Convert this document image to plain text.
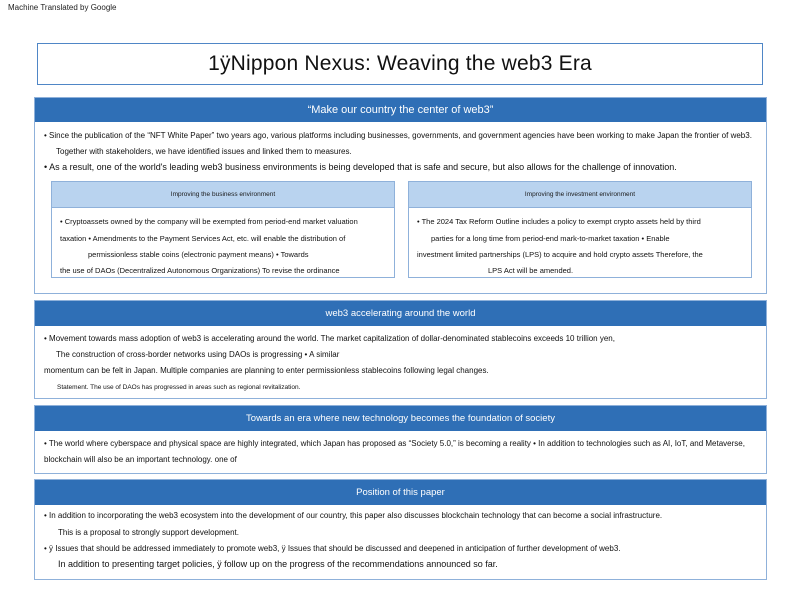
Machine Translated by Google
1ÿNippon Nexus: Weaving the web3 Era
“Make our country the center of web3”
• Since the publication of the “NFT White Paper” two years ago, various platforms including businesses, governments, and government agencies have been working to make Japan the frontier of web3.
Together with stakeholders, we have identified issues and linked them to measures.
• As a result, one of the world's leading web3 business environments is being developed that is safe and secure, but also allows for the challenge of innovation.
Improving the business environment
• Cryptoassets owned by the company will be exempted from period-end market valuation
taxation • Amendments to the Payment Services Act, etc. will enable the distribution of
permissionless stable coins (electronic payment means) • Towards
the use of DAOs (Decentralized Autonomous Organizations) To revise the ordinance
Improving the investment environment
• The 2024 Tax Reform Outline includes a policy to exempt crypto assets held by third
parties for a long time from period-end mark-to-market taxation • Enable
investment limited partnerships (LPS) to acquire and hold crypto assets Therefore, the
LPS Act will be amended.
web3 accelerating around the world
• Movement towards mass adoption of web3 is accelerating around the world. The market capitalization of dollar-denominated stablecoins exceeds 10 trillion yen,
The construction of cross-border networks using DAOs is progressing • A similar
momentum can be felt in Japan. Multiple companies are planning to enter permissionless stablecoins following legal changes.
Statement. The use of DAOs has progressed in areas such as regional revitalization.
Towards an era where new technology becomes the foundation of society
• The world where cyberspace and physical space are highly integrated, which Japan has proposed as “Society 5.0,” is becoming a reality • In addition to technologies such as AI, IoT, and Metaverse,
blockchain will also be an important technology. one of
Position of this paper
• In addition to incorporating the web3 ecosystem into the development of our country, this paper also discusses blockchain technology that can become a social infrastructure.
This is a proposal to strongly support development.
• ÿ Issues that should be addressed immediately to promote web3, ÿ Issues that should be discussed and deepened in anticipation of further development of web3.
In addition to presenting target policies, ÿ follow up on the progress of the recommendations announced so far.
